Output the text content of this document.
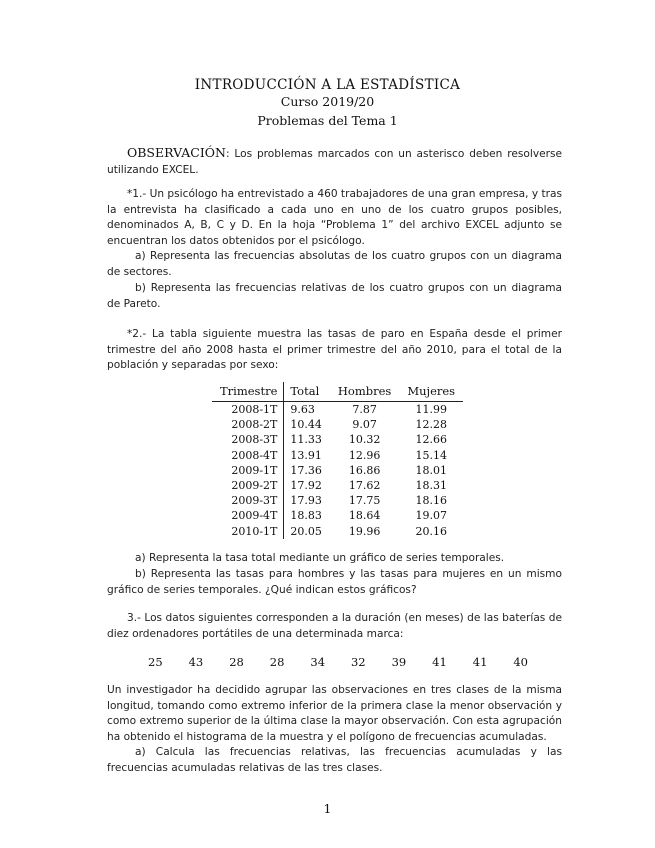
INTRODUCCIÓN A LA ESTADÍSTICA
Curso 2019/20
Problemas del Tema 1
OBSERVACIÓN: Los problemas marcados con un asterisco deben resolverse utilizando EXCEL.
*1.- Un psicólogo ha entrevistado a 460 trabajadores de una gran empresa, y tras la entrevista ha clasificado a cada uno en uno de los cuatro grupos posibles, denominados A, B, C y D. En la hoja “Problema 1” del archivo EXCEL adjunto se encuentran los datos obtenidos por el psicólogo.
a) Representa las frecuencias absolutas de los cuatro grupos con un diagrama de sectores.
b) Representa las frecuencias relativas de los cuatro grupos con un diagrama de Pareto.
*2.- La tabla siguiente muestra las tasas de paro en España desde el primer trimestre del año 2008 hasta el primer trimestre del año 2010, para el total de la población y separadas por sexo:
Trimestre	Total	Hombres	Mujeres
2008-1T	9.63	7.87	11.99
2008-2T	10.44	9.07	12.28
2008-3T	11.33	10.32	12.66
2008-4T	13.91	12.96	15.14
2009-1T	17.36	16.86	18.01
2009-2T	17.92	17.62	18.31
2009-3T	17.93	17.75	18.16
2009-4T	18.83	18.64	19.07
2010-1T	20.05	19.96	20.16
a) Representa la tasa total mediante un gráfico de series temporales.
b) Representa las tasas para hombres y las tasas para mujeres en un mismo gráfico de series temporales. ¿Qué indican estos gráficos?
3.- Los datos siguientes corresponden a la duración (en meses) de las baterías de diez ordenadores portátiles de una determinada marca:
25 43 28 28 34 32 39 41 41 40
Un investigador ha decidido agrupar las observaciones en tres clases de la misma longitud, tomando como extremo inferior de la primera clase la menor observación y como extremo superior de la última clase la mayor observación. Con esta agrupación ha obtenido el histograma de la muestra y el polígono de frecuencias acumuladas.
a) Calcula las frecuencias relativas, las frecuencias acumuladas y las frecuencias acumuladas relativas de las tres clases.
1
